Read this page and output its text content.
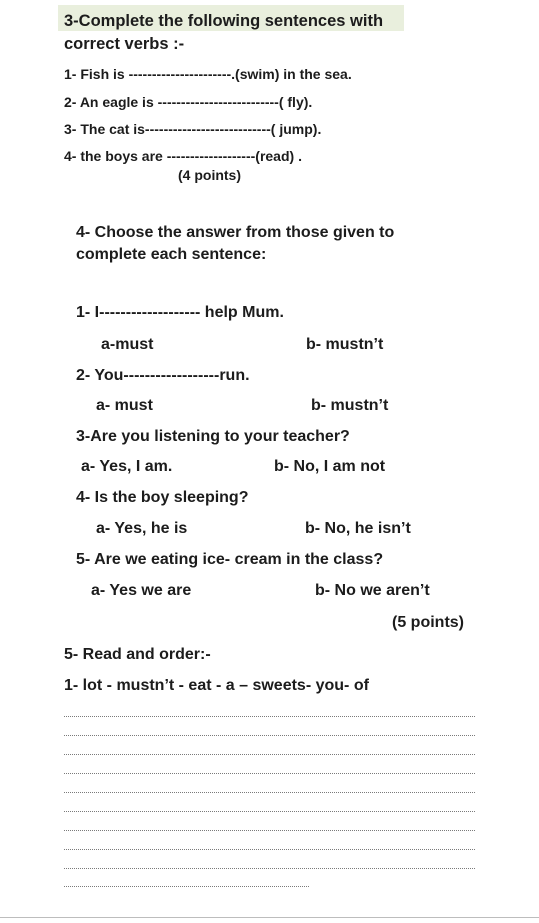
3-Complete the following sentences with
correct verbs :-
1- Fish is ----------------------.(swim) in the sea.
2- An eagle is --------------------------( fly).
3- The cat is---------------------------( jump).
4- the boys are -------------------(read) .
(4 points)
4- Choose the answer from those given to
complete each sentence:
1- I------------------- help Mum.
a-must	b- mustn’t
2- You------------------run.
a- must	b- mustn’t
3-Are you listening to your teacher?
a- Yes, I am.	b- No, I am not
4- Is the boy sleeping?
a- Yes, he is	b- No, he isn’t
5- Are we eating ice- cream in the class?
a- Yes we are	b- No we aren’t
(5 points)
5- Read and order:-
1- lot - mustn’t - eat - a – sweets- you- of
